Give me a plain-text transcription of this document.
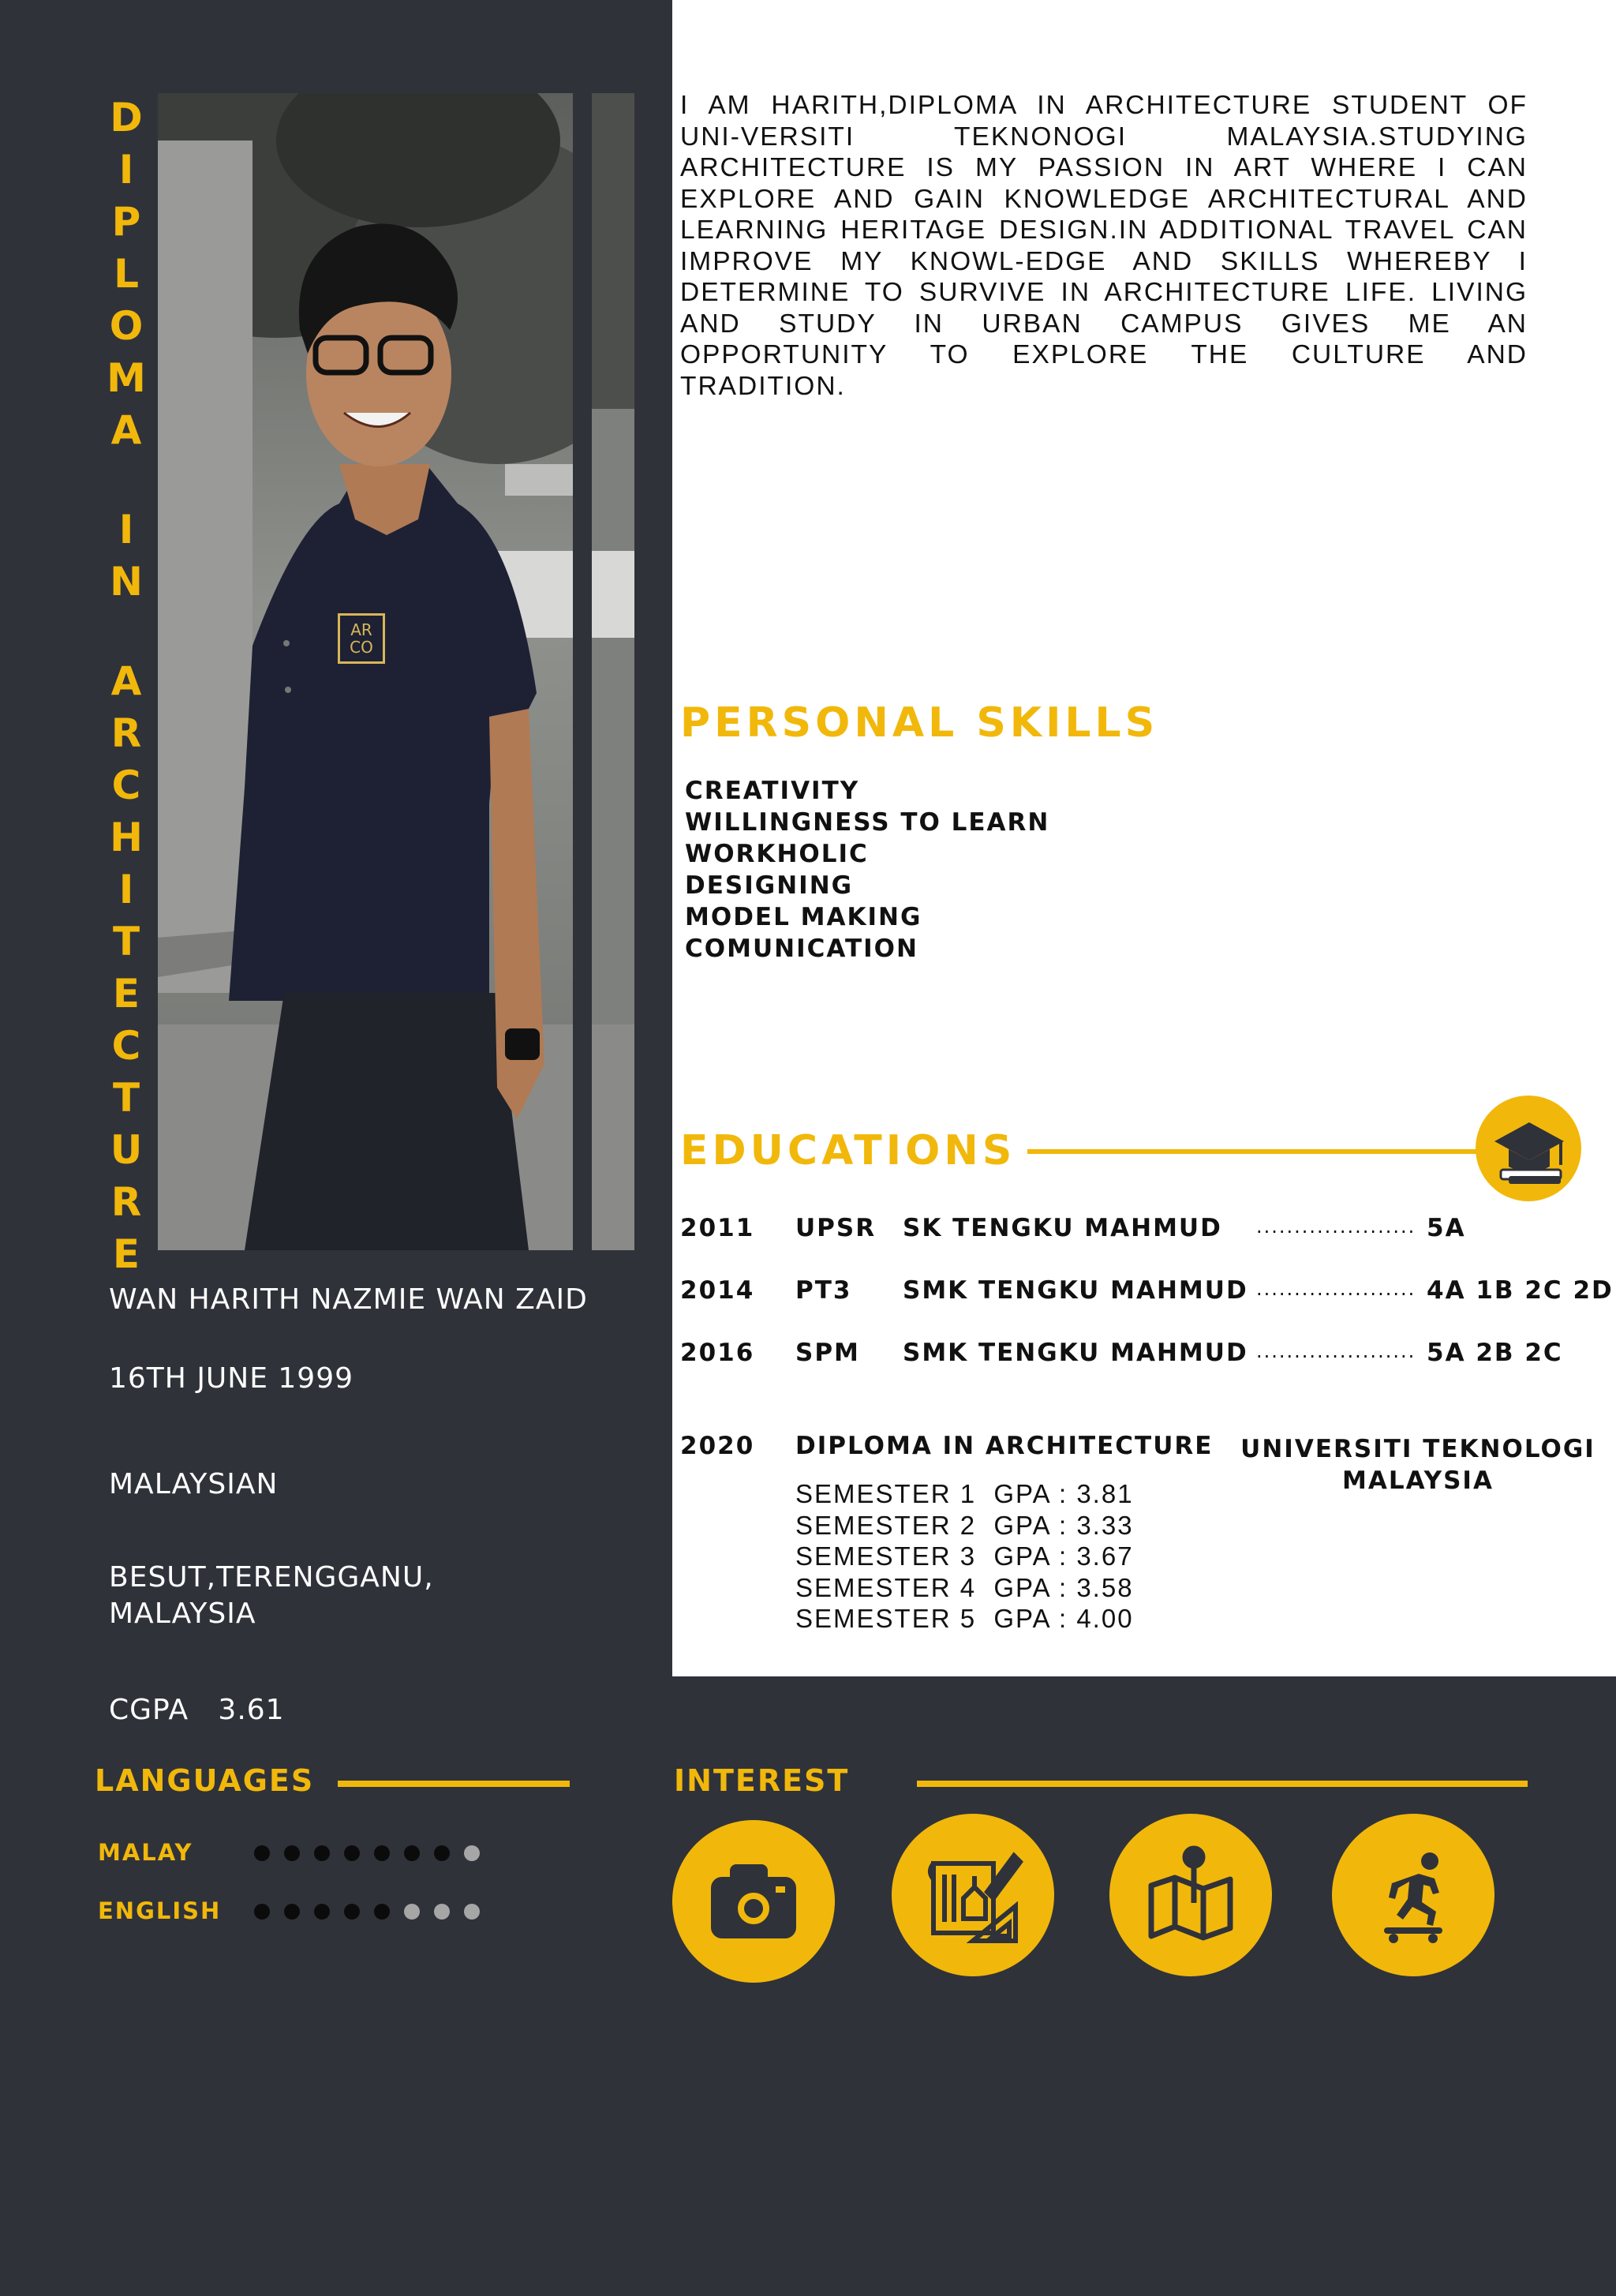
D
I
P
L
O
M
A
I
N
A
R
C
H
I
T
E
C
T
U
R
E
AR CO
WAN HARITH NAZMIE WAN ZAID
16TH JUNE 1999
MALAYSIAN
BESUT,TERENGGANU,
MALAYSIA
CGPA 3.61
I AM HARITH,DIPLOMA IN ARCHITECTURE STUDENT OF UNI-VERSITI TEKNONOGI MALAYSIA.STUDYING ARCHITECTURE IS MY PASSION IN ART WHERE I CAN EXPLORE AND GAIN KNOWLEDGE ARCHITECTURAL AND LEARNING HERITAGE DESIGN.IN ADDITIONAL TRAVEL CAN IMPROVE MY KNOWL-EDGE AND SKILLS WHEREBY I DETERMINE TO SURVIVE IN ARCHITECTURE LIFE. LIVING AND STUDY IN URBAN CAMPUS GIVES ME AN OPPORTUNITY TO EXPLORE THE CULTURE AND TRADITION.
PERSONAL SKILLS
CREATIVITY
WILLINGNESS TO LEARN
WORKHOLIC
DESIGNING
MODEL MAKING
COMUNICATION
EDUCATIONS
2011 UPSR SK TENGKU MAHMUD ..................... 5A
2014 PT3 SMK TENGKU MAHMUD ..................... 4A 1B 2C 2D
2016 SPM SMK TENGKU MAHMUD ..................... 5A 2B 2C
2020 DIPLOMA IN ARCHITECTURE UNIVERSITI TEKNOLOGI
MALAYSIA
SEMESTER 1  GPA : 3.81
SEMESTER 2  GPA : 3.33
SEMESTER 3  GPA : 3.67
SEMESTER 4  GPA : 3.58
SEMESTER 5  GPA : 4.00
LANGUAGES
MALAY
ENGLISH
INTEREST
